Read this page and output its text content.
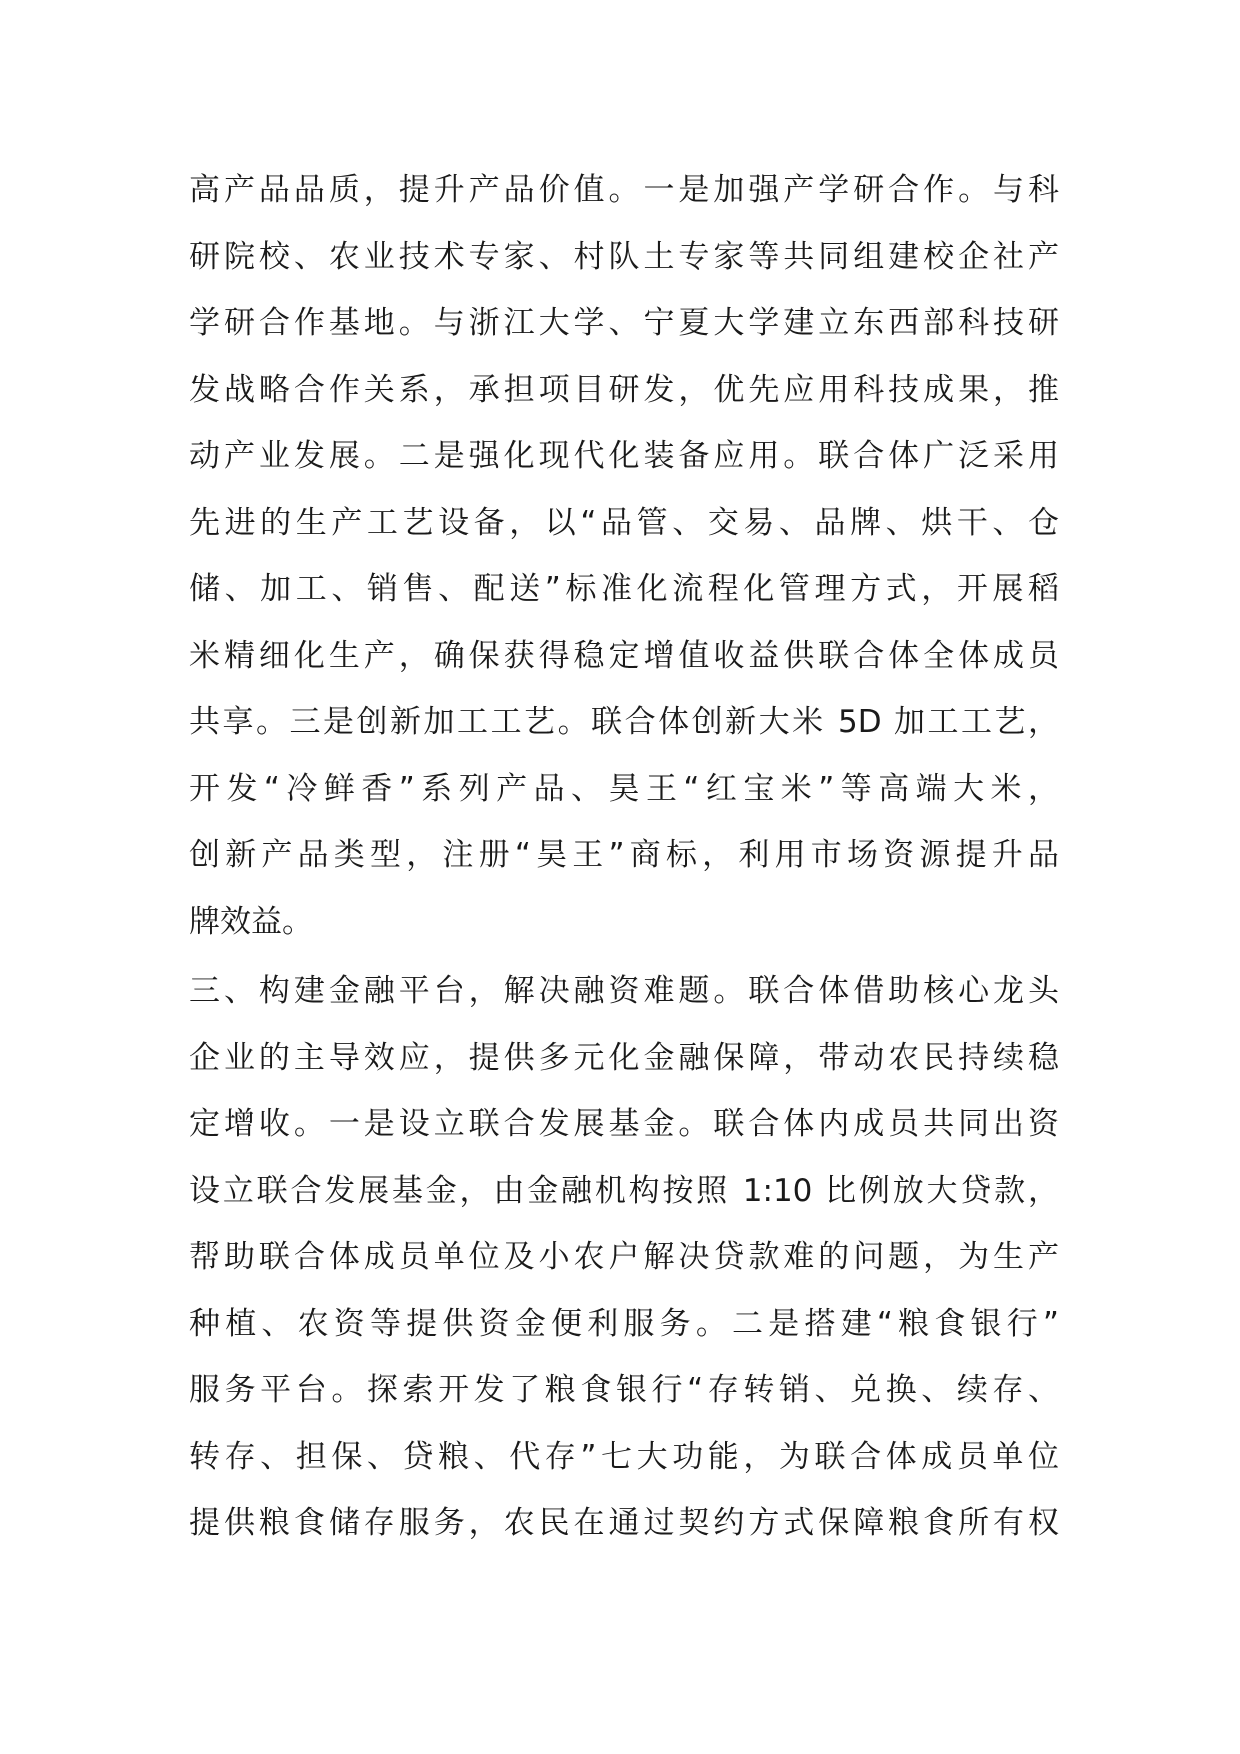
高产品品质，提升产品价值。一是加强产学研合作。与科
研院校、农业技术专家、村队土专家等共同组建校企社产
学研合作基地。与浙江大学、宁夏大学建立东西部科技研
发战略合作关系，承担项目研发，优先应用科技成果，推
动产业发展。二是强化现代化装备应用。联合体广泛采用
先进的生产工艺设备，以“品管、交易、品牌、烘干、仓
储、加工、销售、配送”标准化流程化管理方式，开展稻
米精细化生产，确保获得稳定增值收益供联合体全体成员
共享。三是创新加工工艺。联合体创新大米 5D 加工工艺，
开发“冷鲜香”系列产品、昊王“红宝米”等高端大米，
创新产品类型，注册“昊王”商标，利用市场资源提升品
牌效益。
三、构建金融平台，解决融资难题。联合体借助核心龙头
企业的主导效应，提供多元化金融保障，带动农民持续稳
定增收。一是设立联合发展基金。联合体内成员共同出资
设立联合发展基金，由金融机构按照 1:10 比例放大贷款，
帮助联合体成员单位及小农户解决贷款难的问题，为生产
种植、农资等提供资金便利服务。二是搭建“粮食银行”
服务平台。探索开发了粮食银行“存转销、兑换、续存、
转存、担保、贷粮、代存”七大功能，为联合体成员单位
提供粮食储存服务，农民在通过契约方式保障粮食所有权
